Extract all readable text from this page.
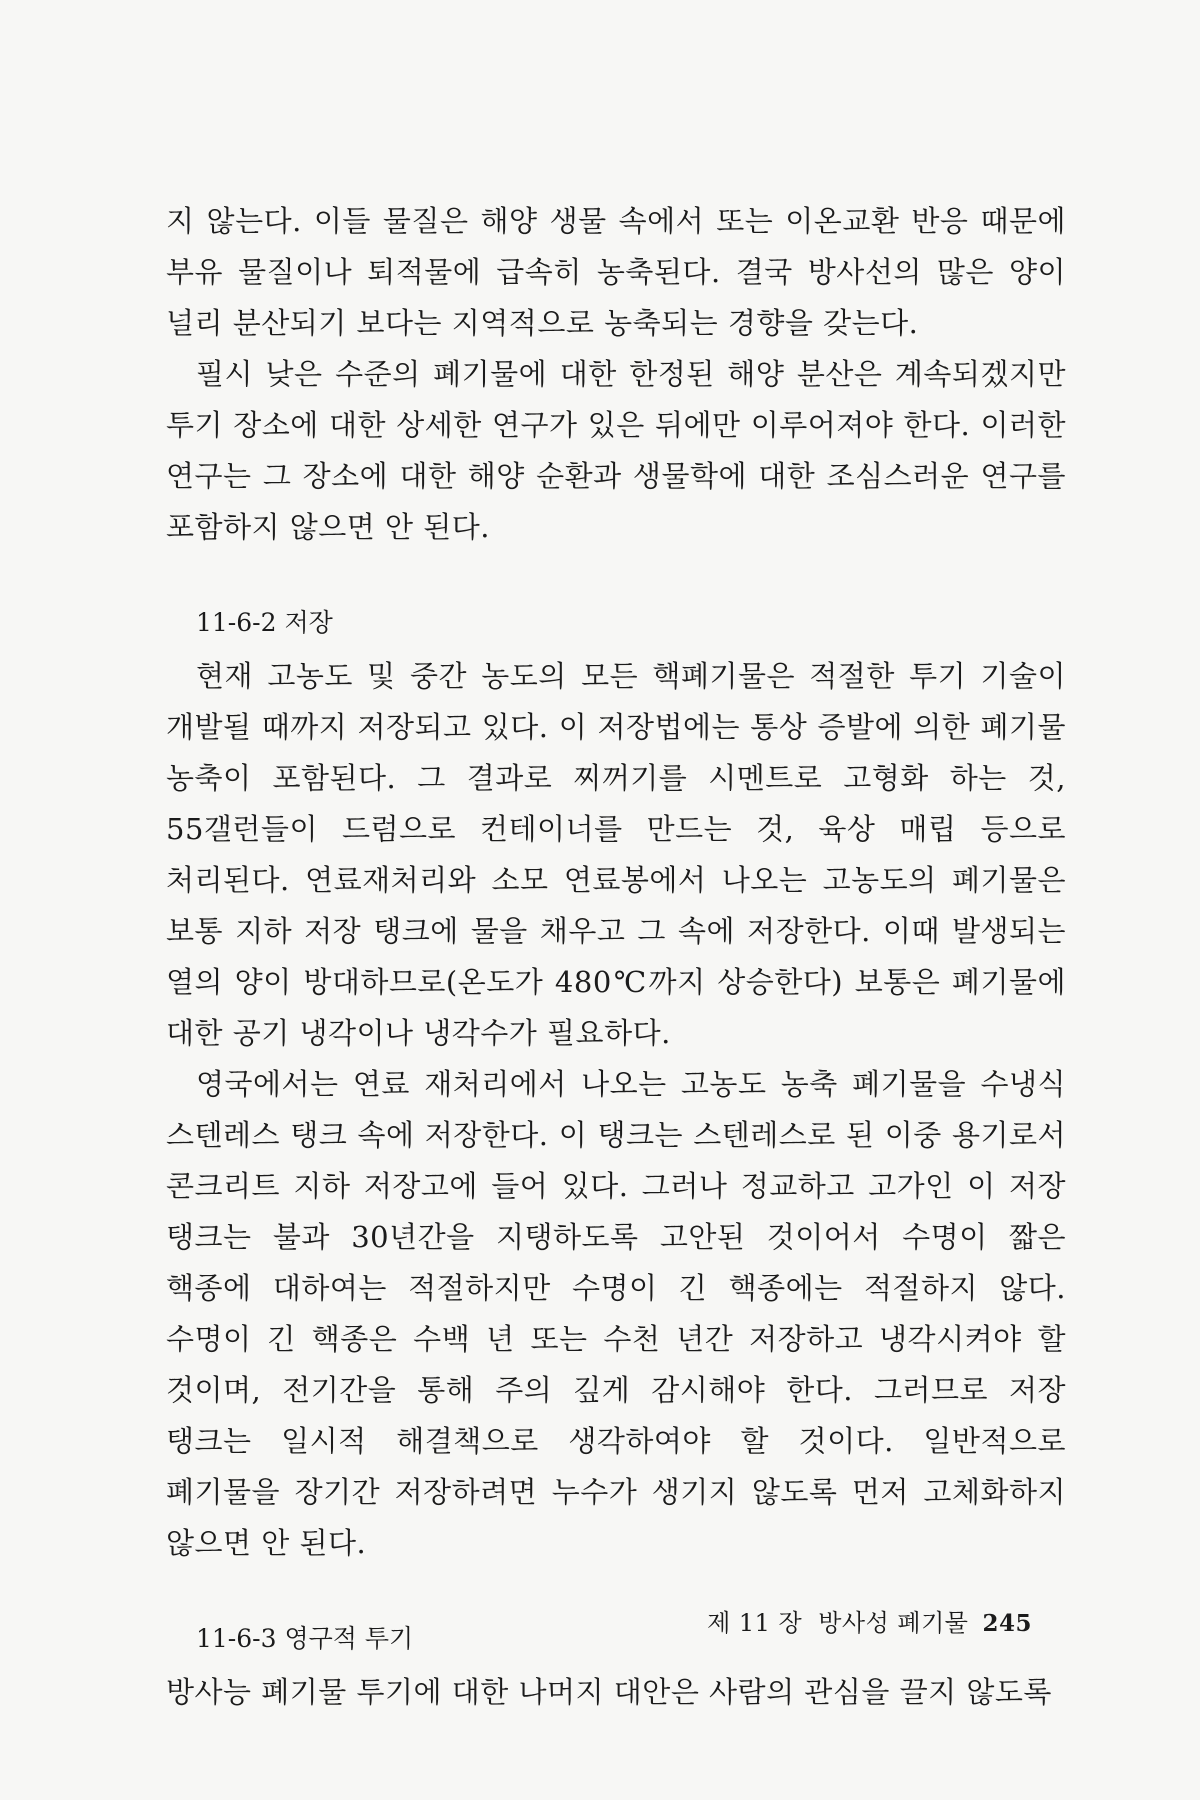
지 않는다. 이들 물질은 해양 생물 속에서 또는 이온교환 반응 때문에 부유 물질이나 퇴적물에 급속히 농축된다. 결국 방사선의 많은 양이 널리 분산되기 보다는 지역적으로 농축되는 경향을 갖는다.

필시 낮은 수준의 폐기물에 대한 한정된 해양 분산은 계속되겠지만 투기 장소에 대한 상세한 연구가 있은 뒤에만 이루어져야 한다. 이러한 연구는 그 장소에 대한 해양 순환과 생물학에 대한 조심스러운 연구를 포함하지 않으면 안 된다.

11-6-2 저장

현재 고농도 및 중간 농도의 모든 핵폐기물은 적절한 투기 기술이 개발될 때까지 저장되고 있다. 이 저장법에는 통상 증발에 의한 폐기물 농축이 포함된다. 그 결과로 찌꺼기를 시멘트로 고형화 하는 것, 55갤런들이 드럼으로 컨테이너를 만드는 것, 육상 매립 등으로 처리된다. 연료재처리와 소모 연료봉에서 나오는 고농도의 폐기물은 보통 지하 저장 탱크에 물을 채우고 그 속에 저장한다. 이때 발생되는 열의 양이 방대하므로(온도가 480℃까지 상승한다) 보통은 폐기물에 대한 공기 냉각이나 냉각수가 필요하다.

영국에서는 연료 재처리에서 나오는 고농도 농축 폐기물을 수냉식 스텐레스 탱크 속에 저장한다. 이 탱크는 스텐레스로 된 이중 용기로서 콘크리트 지하 저장고에 들어 있다. 그러나 정교하고 고가인 이 저장 탱크는 불과 30년간을 지탱하도록 고안된 것이어서 수명이 짧은 핵종에 대하여는 적절하지만 수명이 긴 핵종에는 적절하지 않다. 수명이 긴 핵종은 수백 년 또는 수천 년간 저장하고 냉각시켜야 할 것이며, 전기간을 통해 주의 깊게 감시해야 한다. 그러므로 저장 탱크는 일시적 해결책으로 생각하여야 할 것이다. 일반적으로 폐기물을 장기간 저장하려면 누수가 생기지 않도록 먼저 고체화하지 않으면 안 된다.

11-6-3 영구적 투기

방사능 폐기물 투기에 대한 나머지 대안은 사람의 관심을 끌지 않도록

제 11 장 방사성 폐기물 245
